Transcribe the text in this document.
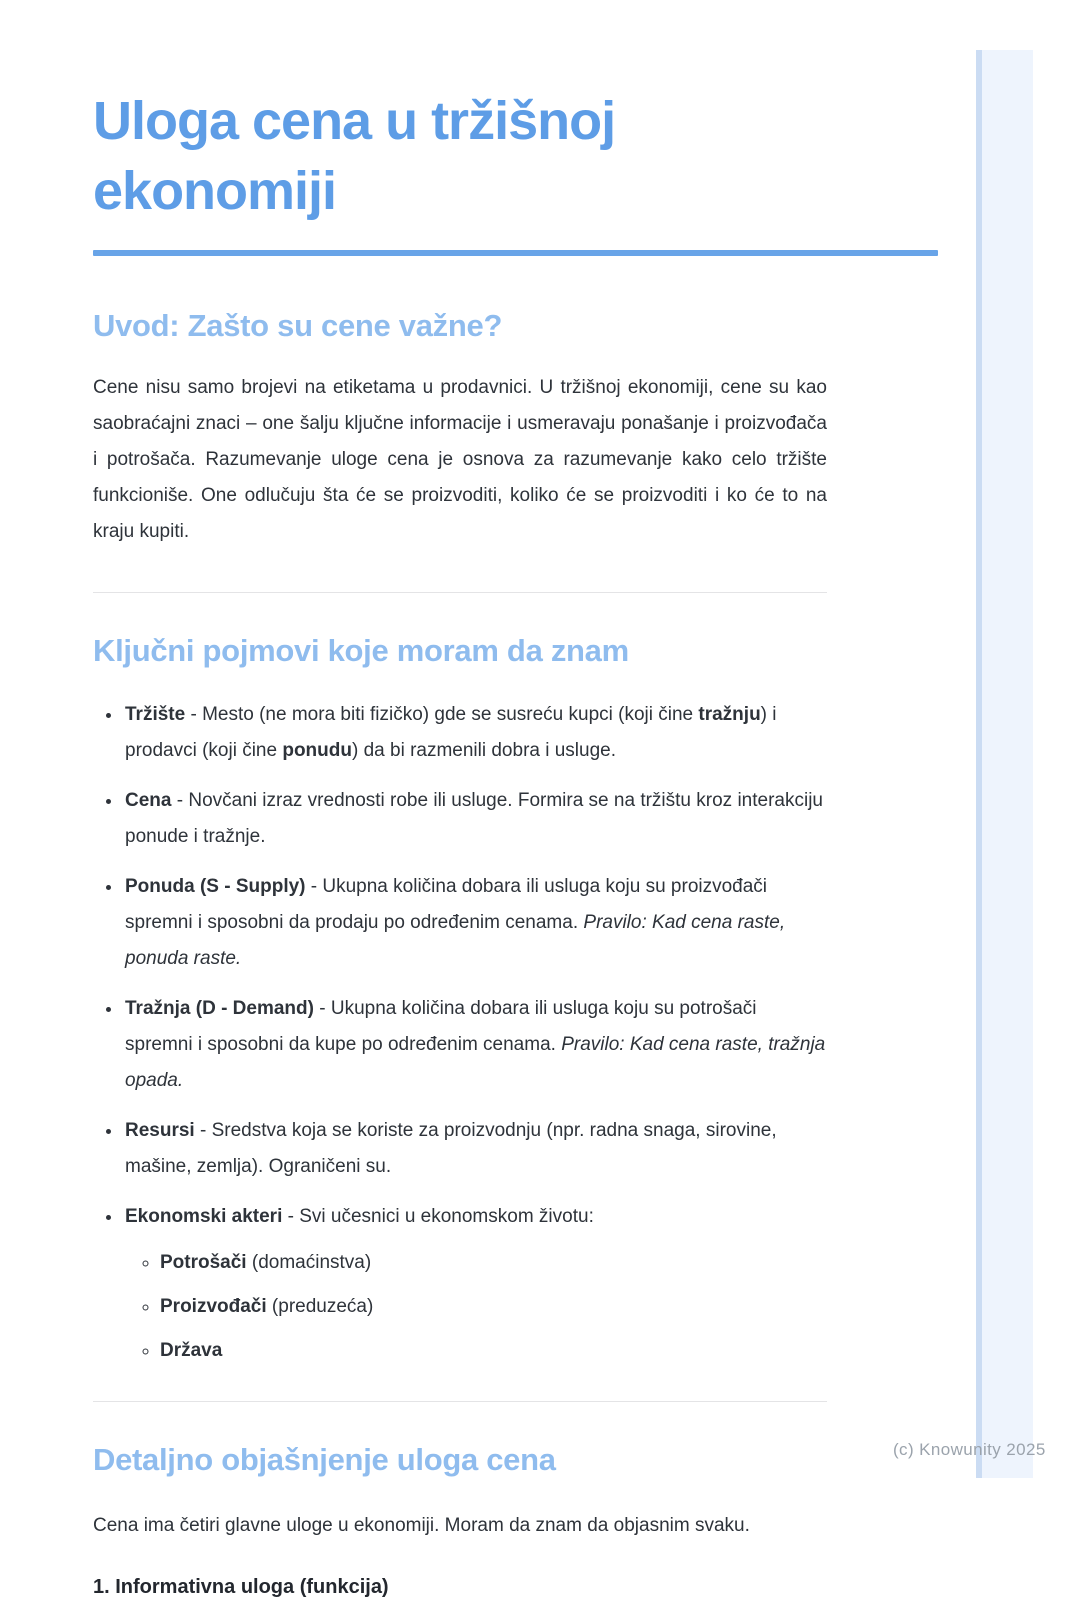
(c) Knowunity 2025
Uloga cena u tržišnoj ekonomiji
Uvod: Zašto su cene važne?

Cene nisu samo brojevi na etiketama u prodavnici. U tržišnoj ekonomiji, cene su kao saobraćajni znaci – one šalju ključne informacije i usmeravaju ponašanje i proizvođača i potrošača. Razumevanje uloge cena je osnova za razumevanje kako celo tržište funkcioniše. One odlučuju šta će se proizvoditi, koliko će se proizvoditi i ko će to na kraju kupiti.

Ključni pojmovi koje moram da znam
• Tržište - Mesto (ne mora biti fizičko) gde se susreću kupci (koji čine tražnju) i prodavci (koji čine ponudu) da bi razmenili dobra i usluge.
• Cena - Novčani izraz vrednosti robe ili usluge. Formira se na tržištu kroz interakciju ponude i tražnje.
• Ponuda (S - Supply) - Ukupna količina dobara ili usluga koju su proizvođači spremni i sposobni da prodaju po određenim cenama. Pravilo: Kad cena raste, ponuda raste.
• Tražnja (D - Demand) - Ukupna količina dobara ili usluga koju su potrošači spremni i sposobni da kupe po određenim cenama. Pravilo: Kad cena raste, tražnja opada.
• Resursi - Sredstva koja se koriste za proizvodnju (npr. radna snaga, sirovine, mašine, zemlja). Ograničeni su.
• Ekonomski akteri - Svi učesnici u ekonomskom životu:
◦ Potrošači (domaćinstva)
◦ Proizvođači (preduzeća)
◦ Država
Detaljno objašnjenje uloga cena

Cena ima četiri glavne uloge u ekonomiji. Moram da znam da objasnim svaku.

1. Informativna uloga (funkcija)
